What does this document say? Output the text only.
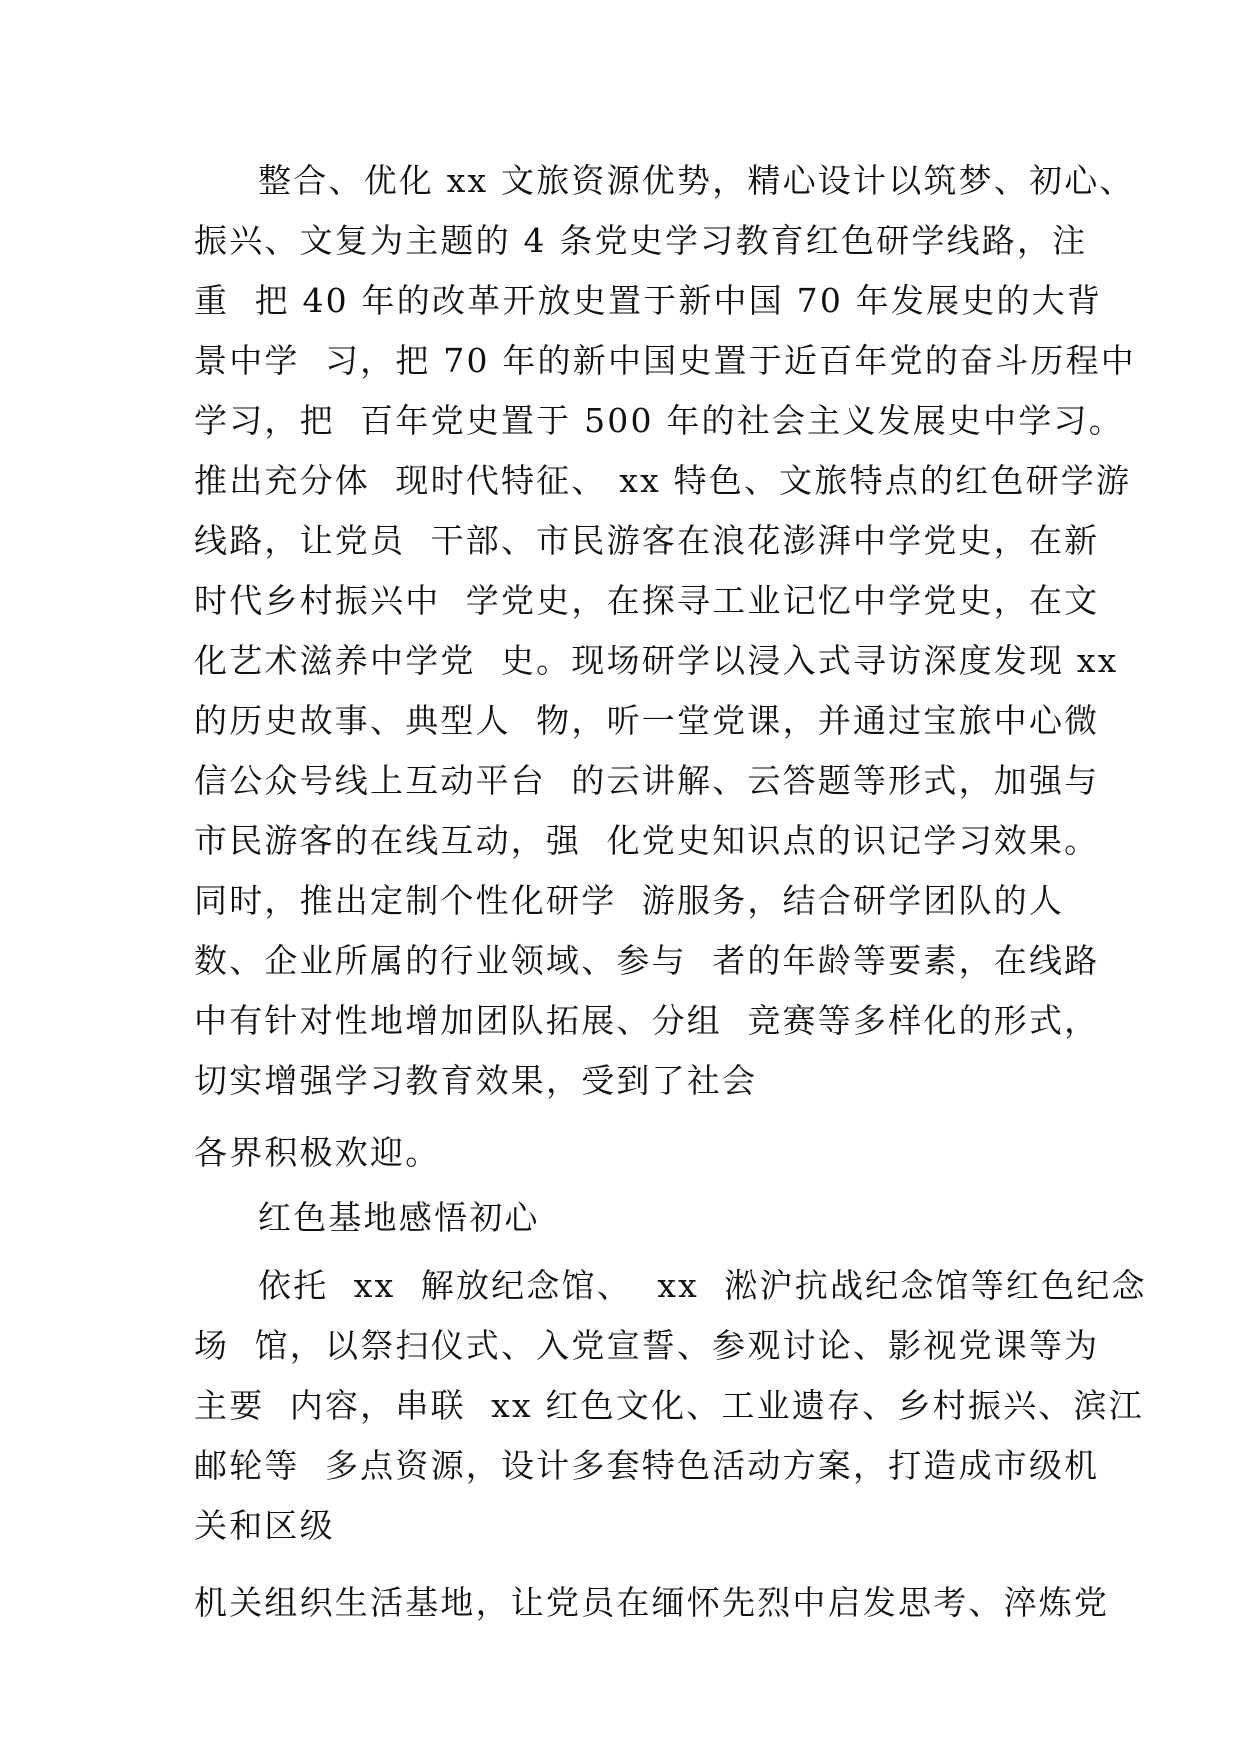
整合、优化 xx 文旅资源优势，精心设计以筑梦、初心、
振兴、文复为主题的 4 条党史学习教育红色研学线路，注
重  把 40 年的改革开放史置于新中国 70 年发展史的大背
景中学  习，把 70 年的新中国史置于近百年党的奋斗历程中
学习，把  百年党史置于 500 年的社会主义发展史中学习。
推出充分体  现时代特征、 xx 特色、文旅特点的红色研学游
线路，让党员  干部、市民游客在浪花澎湃中学党史，在新
时代乡村振兴中  学党史，在探寻工业记忆中学党史，在文
化艺术滋养中学党  史。现场研学以浸入式寻访深度发现 xx
的历史故事、典型人  物，听一堂党课，并通过宝旅中心微
信公众号线上互动平台  的云讲解、云答题等形式，加强与
市民游客的在线互动，强  化党史知识点的识记学习效果。
同时，推出定制个性化研学  游服务，结合研学团队的人
数、企业所属的行业领域、参与  者的年龄等要素，在线路
中有针对性地增加团队拓展、分组  竞赛等多样化的形式，
切实增强学习教育效果，受到了社会
各界积极欢迎。
红色基地感悟初心
依托  xx  解放纪念馆、  xx  淞沪抗战纪念馆等红色纪念
场  馆，以祭扫仪式、入党宣誓、参观讨论、影视党课等为
主要  内容，串联  xx 红色文化、工业遗存、乡村振兴、滨江
邮轮等  多点资源，设计多套特色活动方案，打造成市级机
关和区级
机关组织生活基地，让党员在缅怀先烈中启发思考、淬炼党
